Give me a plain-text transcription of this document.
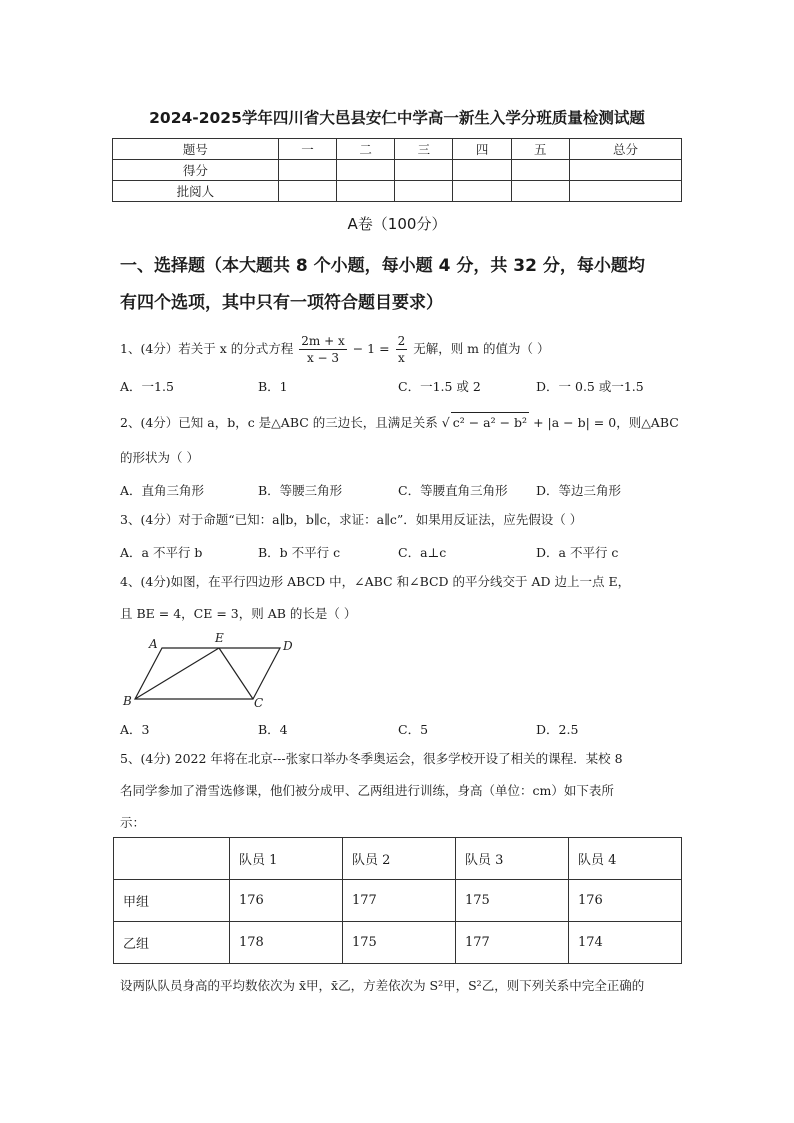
2024-2025学年四川省大邑县安仁中学高一新生入学分班质量检测试题
题号	一	二	三	四	五	总分
得分						
批阅人						
A卷（100分）
一、选择题（本大题共 8 个小题，每小题 4 分，共 32 分，每小题均
有四个选项，其中只有一项符合题目要求）
1、(4分）若关于 x 的分式方程 $\frac{2m + x}{x - 3} - 1 = \frac{2}{x}$ 无解，则 m 的值为（ ）
A．一1.5	B．1	C．一1.5 或 2	D．一 0.5 或一1.5
2、(4分）已知 a，b，c 是△ABC 的三边长，且满足关系 √ c² − a² − b² + |a − b| = 0，则△ABC
的形状为（ ）
A．直角三角形	B．等腰三角形	C．等腰直角三角形 D．等边三角形
3、(4分）对于命题“已知：a∥b，b∥c，求证：a∥c”．如果用反证法，应先假设（ ）
A．a 不平行 b	B．b 不平行 c	C．a⊥c	D．a 不平行 c
4、(4分)如图，在平行四边形 ABCD 中，∠ABC 和∠BCD 的平分线交于 AD 边上一点 E，
且 BE = 4，CE = 3，则 AB 的长是（ ）
A	E
D
B	C
A．3	B．4	C．5	D．2.5
5、(4分) 2022 年将在北京---张家口举办冬季奥运会，很多学校开设了相关的课程．某校 8
名同学参加了滑雪选修课，他们被分成甲、乙两组进行训练，身高（单位：cm）如下表所
示：
	队员 1	队员 2	队员 3	队员 4
甲组	176	177	175	176
乙组	178	175	177	174
设两队队员身高的平均数依次为 x̄甲，x̄乙，方差依次为 S²甲，S²乙，则下列关系中完全正确的
